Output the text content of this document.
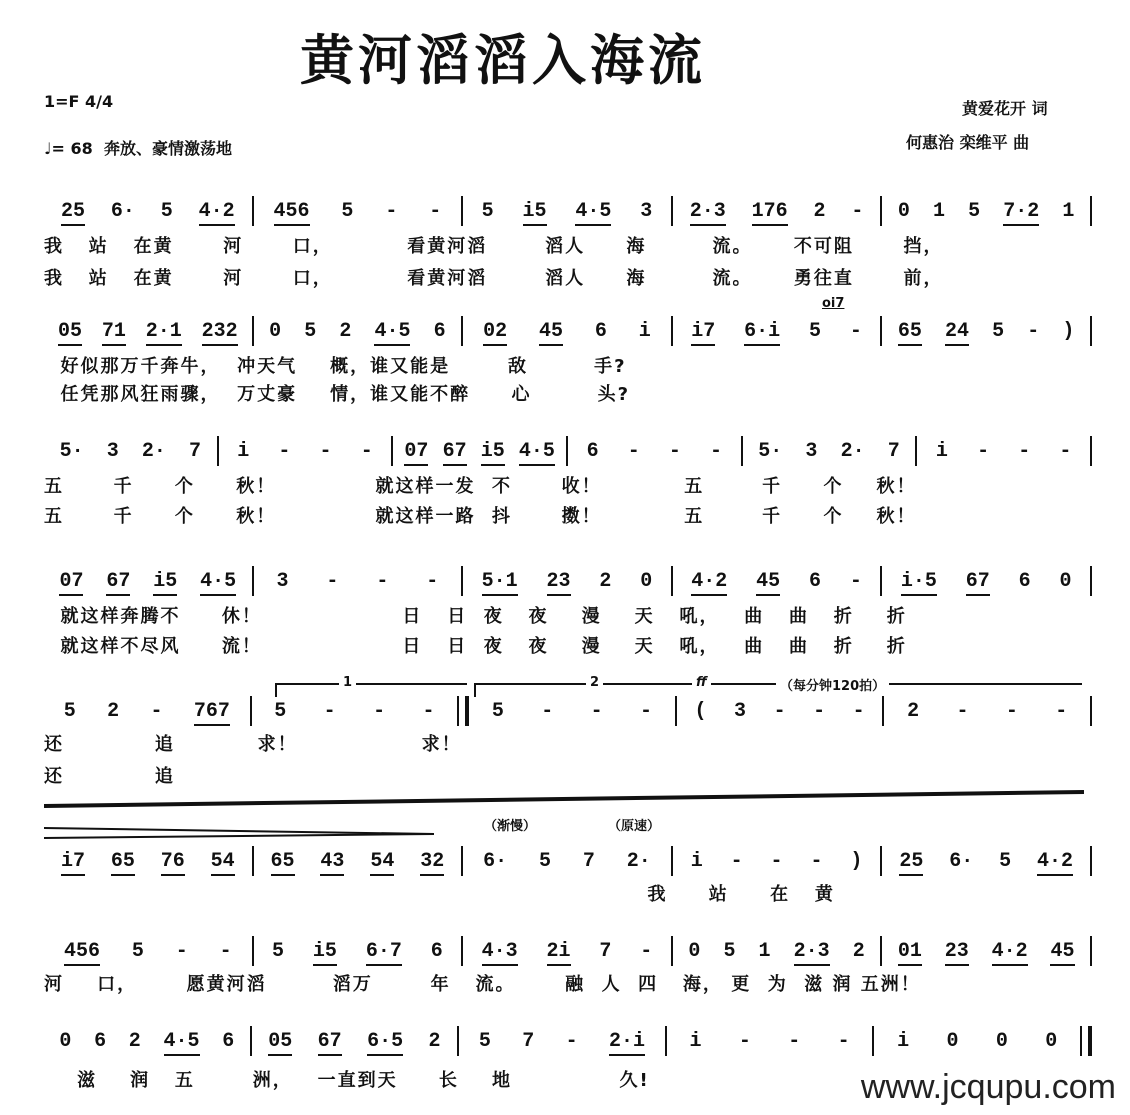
黄河滔滔入海流
1=F 4/4
♩= 68 奔放、豪情激荡地
黄爱花开 词
何惠治 栾维平 曲
25 6· 5 4·2 456 5 - - 5 i5 4·5 3 2·3 176 2 - 0 1 5 7·2 1
我   站   在黄      河      口，         看黄河滔       滔人     海        流。     不可阻      挡，
我   站   在黄      河      口，         看黄河滔       滔人     海        流。     勇往直      前，
05 71 2·1 232 0 5 2 4·5 6 02 45 6 i i7 6·i 5 - 65 24 5 - )
好似那万千奔牛，  冲天气    概，谁又能是       敌        手?
任凭那风狂雨骤，  万丈豪    情，谁又能不醉     心        头?
5· 3 2· 7 i - - - 07 67 i5 4·5 6 - - - 5· 3 2· 7 i - - -
五      千     个     秋！            就这样一发  不      收！          五       千     个    秋！
五      千     个     秋！            就这样一路  抖      擞！          五       千     个    秋！
07 67 i5 4·5 3 - - - 5·1 23 2 0 4·2 45 6 - i·5 67 6 0
就这样奔腾不     休！                 日   日  夜   夜    漫    天   吼，   曲   曲   折    折
就这样不尽风     流！                 日   日  夜   夜    漫    天   吼，   曲   曲   折    折
5 2 - 767 5 - - -	5 - - - ( 3 - - - 2 - - -
还           追          求！               求！
还           追
i7 65 76 54 65 43 54 32 6· 5 7 2· i - - - ) 25 6· 5 4·2
我     站     在   黄
456 5 - - 5 i5 6·7 6 4·3 2i 7 - 0 5 1 2·3 2 01 23 4·2 45
河    口，      愿黄河滔        滔万       年   流。      融  人  四   海， 更  为  滋 润 五洲！
0 6 2 4·5 6 05 67 6·5 2 5 7 - 2·i i - - - i 0 0 0
滋    润   五       洲，   一直到天     长    地             久!
1	2	ff	（每分钟120拍）
（渐慢）	（原速）
oi7
www.jcqupu.com
